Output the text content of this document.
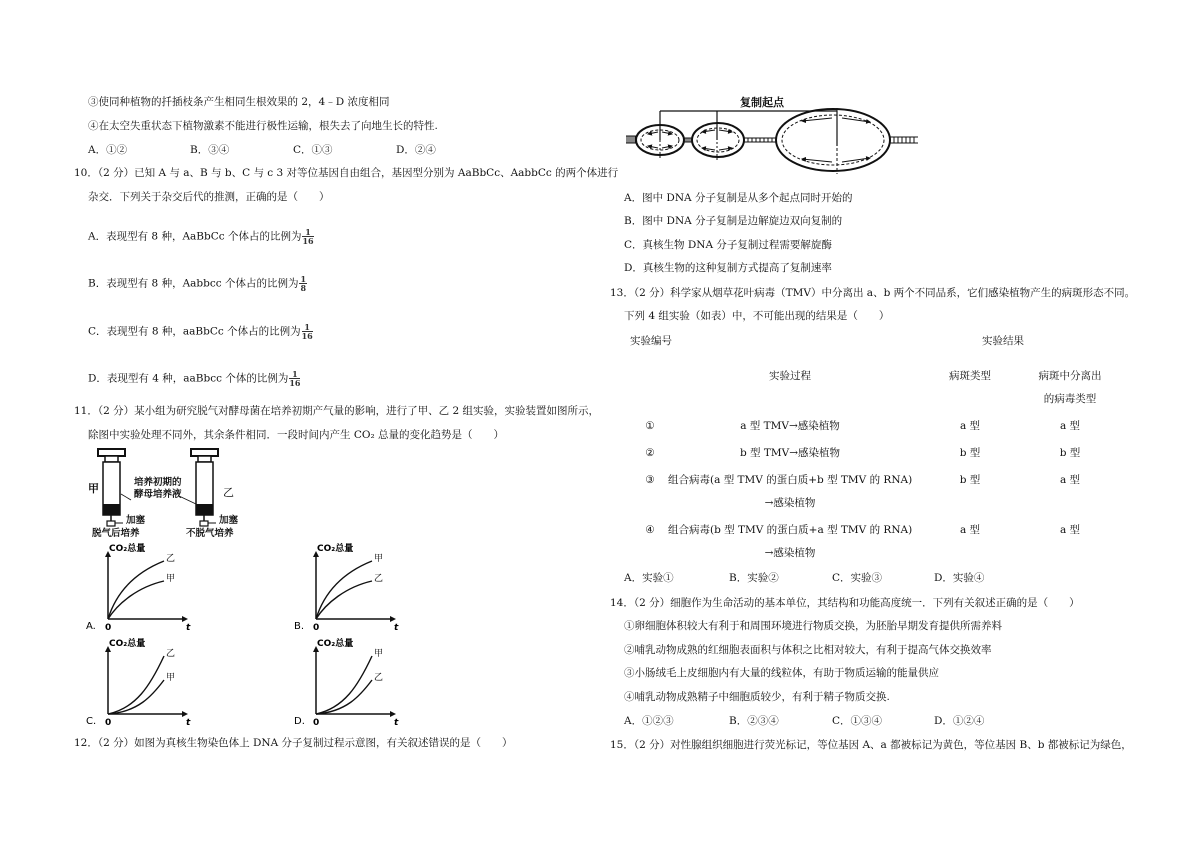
③使同种植物的扦插枝条产生相同生根效果的 2，4﹣D 浓度相同
④在太空失重状态下植物激素不能进行极性运输，根失去了向地生长的特性.
A．①②	B．③④	C．①③	D．②④
10．（2 分）已知 A 与 a、B 与 b、C 与 c 3 对等位基因自由组合，基因型分别为 AaBbCc、AabbCc 的两个体进行
杂交．下列关于杂交后代的推测，正确的是（　　）
A．表现型有 8 种，AaBbCc 个体占的比例为 $\frac{1}{16}$
B．表现型有 8 种，Aabbcc 个体占的比例为 $\frac{1}{8}$
C．表现型有 8 种，aaBbCc 个体占的比例为 $\frac{1}{16}$
D．表现型有 4 种，aaBbcc 个体的比例为 $\frac{1}{16}$
11．（2 分）某小组为研究脱气对酵母菌在培养初期产气量的影响，进行了甲、乙 2 组实验，实验装置如图所示，
除图中实验处理不同外，其余条件相同．一段时间内产生 CO₂ 总量的变化趋势是（　　）
甲	乙
培养初期的
酵母培养液
加塞	加塞
脱气后培养	不脱气培养
CO₂总量
乙
甲
0	t
A.
CO₂总量
甲
乙
0	t
B.
CO₂总量
乙
甲
0	t
C.
CO₂总量
甲
乙
0	t
D.
12．（2 分）如图为真核生物染色体上 DNA 分子复制过程示意图，有关叙述错误的是（　　）
复制起点
A．图中 DNA 分子复制是从多个起点同时开始的
B．图中 DNA 分子复制是边解旋边双向复制的
C．真核生物 DNA 分子复制过程需要解旋酶
D．真核生物的这种复制方式提高了复制速率
13．（2 分）科学家从烟草花叶病毒（TMV）中分离出 a、b 两个不同品系，它们感染植物产生的病斑形态不同。
下列 4 组实验（如表）中，不可能出现的结果是（　　）
实验编号	实验结果
实验过程	病斑类型	病斑中分离出
的病毒类型
①	a 型 TMV→感染植物	a 型	a 型
②	b 型 TMV→感染植物	b 型	b 型
③	组合病毒(a 型 TMV 的蛋白质+b 型 TMV 的 RNA)
→感染植物
b 型	a 型
④	组合病毒(b 型 TMV 的蛋白质+a 型 TMV 的 RNA)
→感染植物
a 型	a 型
A．实验①	B．实验②	C．实验③	D．实验④
14．（2 分）细胞作为生命活动的基本单位，其结构和功能高度统一．下列有关叙述正确的是（　　）
①卵细胞体积较大有利于和周围环境进行物质交换，为胚胎早期发育提供所需养料
②哺乳动物成熟的红细胞表面积与体积之比相对较大，有利于提高气体交换效率
③小肠绒毛上皮细胞内有大量的线粒体，有助于物质运输的能量供应
④哺乳动物成熟精子中细胞质较少，有利于精子物质交换.
A．①②③	B．②③④	C．①③④	D．①②④
15．（2 分）对性腺组织细胞进行荧光标记，等位基因 A、a 都被标记为黄色，等位基因 B、b 都被标记为绿色，
